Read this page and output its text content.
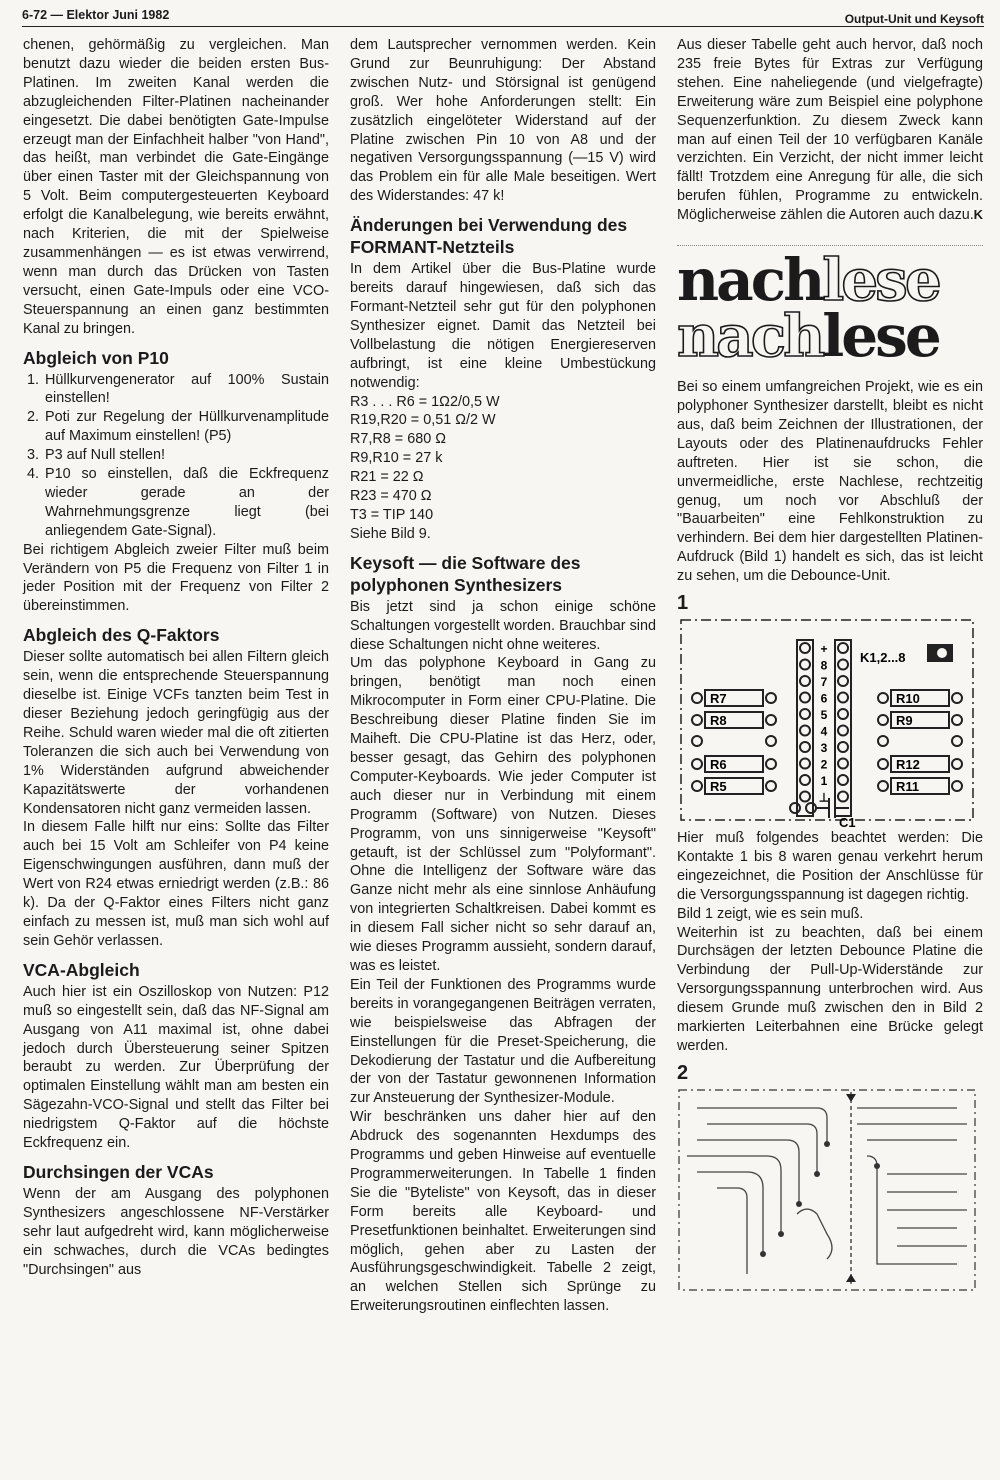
6-72 — Elektor Juni 1982	Output-Unit und Keysoft

chenen, gehörmäßig zu vergleichen. Man benutzt dazu wieder die beiden ersten Bus-Platinen. Im zweiten Kanal werden die abzugleichenden Filter-Platinen nacheinander eingesetzt. Die dabei benötigten Gate-Impulse erzeugt man der Einfachheit halber "von Hand", das heißt, man verbindet die Gate-Eingänge über einen Taster mit der Gleichspannung von 5 Volt. Beim computergesteuerten Keyboard erfolgt die Kanalbelegung, wie bereits erwähnt, nach Kriterien, die mit der Spielweise zusammenhängen — es ist etwas verwirrend, wenn man durch das Drücken von Tasten versucht, einen Gate-Impuls oder eine VCO-Steuerspannung an einen ganz bestimmten Kanal zu bringen.

Abgleich von P10
1. Hüllkurvengenerator auf 100% Sustain einstellen!
2. Poti zur Regelung der Hüllkurvenamplitude auf Maximum einstellen! (P5)
3. P3 auf Null stellen!
4. P10 so einstellen, daß die Eckfrequenz wieder gerade an der Wahrnehmungsgrenze liegt (bei anliegendem Gate-Signal).

Bei richtigem Abgleich zweier Filter muß beim Verändern von P5 die Frequenz von Filter 1 in jeder Position mit der Frequenz von Filter 2 übereinstimmen.

Abgleich des Q-Faktors

Dieser sollte automatisch bei allen Filtern gleich sein, wenn die entsprechende Steuerspannung dieselbe ist. Einige VCFs tanzten beim Test in dieser Beziehung jedoch geringfügig aus der Reihe. Schuld waren wieder mal die oft zitierten Toleranzen die sich auch bei Verwendung von 1% Widerständen aufgrund abweichender Kapazitätswerte der vorhandenen Kondensatoren nicht ganz vermeiden lassen.

In diesem Falle hilft nur eins: Sollte das Filter auch bei 15 Volt am Schleifer von P4 keine Eigenschwingungen ausführen, dann muß der Wert von R24 etwas erniedrigt werden (z.B.: 86 k). Da der Q-Faktor eines Filters nicht ganz einfach zu messen ist, muß man sich wohl auf sein Gehör verlassen.

VCA-Abgleich

Auch hier ist ein Oszilloskop von Nutzen: P12 muß so eingestellt sein, daß das NF-Signal am Ausgang von A11 maximal ist, ohne dabei jedoch durch Übersteuerung seiner Spitzen beraubt zu werden. Zur Überprüfung der optimalen Einstellung wählt man am besten ein Sägezahn-VCO-Signal und stellt das Filter bei niedrigstem Q-Faktor auf die höchste Eckfrequenz ein.

Durchsingen der VCAs

Wenn der am Ausgang des polyphonen Synthesizers angeschlossene NF-Verstärker sehr laut aufgedreht wird, kann möglicherweise ein schwaches, durch die VCAs bedingtes "Durchsingen" aus

dem Lautsprecher vernommen werden. Kein Grund zur Beunruhigung: Der Abstand zwischen Nutz- und Störsignal ist genügend groß. Wer hohe Anforderungen stellt: Ein zusätzlich eingelöteter Widerstand auf der Platine zwischen Pin 10 von A8 und der negativen Versorgungsspannung (—15 V) wird das Problem ein für alle Male beseitigen. Wert des Widerstandes: 47 k!

Änderungen bei Verwendung des FORMANT-Netzteils

In dem Artikel über die Bus-Platine wurde bereits darauf hingewiesen, daß sich das Formant-Netzteil sehr gut für den polyphonen Synthesizer eignet. Damit das Netzteil bei Vollbelastung die nötigen Energiereserven aufbringt, ist eine kleine Umbestückung notwendig:

R3 . . . R6 = 1Ω2/0,5 W
R19,R20 = 0,51 Ω/2 W
R7,R8 = 680 Ω
R9,R10 = 27 k
R21 = 22 Ω
R23 = 470 Ω
T3 = TIP 140
Siehe Bild 9.
Keysoft — die Software des polyphonen Synthesizers

Bis jetzt sind ja schon einige schöne Schaltungen vorgestellt worden. Brauchbar sind diese Schaltungen nicht ohne weiteres.

Um das polyphone Keyboard in Gang zu bringen, benötigt man noch einen Mikrocomputer in Form einer CPU-Platine. Die Beschreibung dieser Platine finden Sie im Maiheft. Die CPU-Platine ist das Herz, oder, besser gesagt, das Gehirn des polyphonen Computer-Keyboards. Wie jeder Computer ist auch dieser nur in Verbindung mit einem Programm (Software) von Nutzen. Dieses Programm, von uns sinnigerweise "Keysoft" getauft, ist der Schlüssel zum "Polyformant". Ohne die Intelligenz der Software wäre das Ganze nicht mehr als eine sinnlose Anhäufung von integrierten Schaltkreisen. Dabei kommt es in diesem Fall sicher nicht so sehr darauf an, wie dieses Programm aussieht, sondern darauf, was es leistet.

Ein Teil der Funktionen des Programms wurde bereits in vorangegangenen Beiträgen verraten, wie beispielsweise das Abfragen der Einstellungen für die Preset-Speicherung, die Dekodierung der Tastatur und die Aufbereitung der von der Tastatur gewonnenen Information zur Ansteuerung der Synthesizer-Module.

Wir beschränken uns daher hier auf den Abdruck des sogenannten Hexdumps des Programms und geben Hinweise auf eventuelle Programmerweiterungen. In Tabelle 1 finden Sie die "Byteliste" von Keysoft, das in dieser Form bereits alle Keyboard- und Presetfunktionen beinhaltet. Erweiterungen sind möglich, gehen aber zu Lasten der Ausführungsgeschwindigkeit. Tabelle 2 zeigt, an welchen Stellen sich Sprünge zu Erweiterungsroutinen einflechten lassen.

Aus dieser Tabelle geht auch hervor, daß noch 235 freie Bytes für Extras zur Verfügung stehen. Eine naheliegende (und vielgefragte) Erweiterung wäre zum Beispiel eine polyphone Sequenzerfunktion. Zu diesem Zweck kann man auf einen Teil der 10 verfügbaren Kanäle verzichten. Ein Verzicht, der nicht immer leicht fällt! Trotzdem eine Anregung für alle, die sich berufen fühlen, Programme zu entwickeln. Möglicherweise zählen die Autoren auch dazu. K
nachlese
nachlese

Bei so einem umfangreichen Projekt, wie es ein polyphoner Synthesizer darstellt, bleibt es nicht aus, daß beim Zeichnen der Illustrationen, der Layouts oder des Platinenaufdrucks Fehler auftreten. Hier ist sie schon, die unvermeidliche, erste Nachlese, rechtzeitig genug, um noch vor Abschluß der "Bauarbeiten" eine Fehlkonstruktion zu verhindern. Bei dem hier dargestellten Platinen-Aufdruck (Bild 1) handelt es sich, das ist leicht zu sehen, um die Debounce-Unit.

1
+
8
7
6
5
4
3
2
1
⊥
K1,2...8
R7
R8
R6
R5
R10
R9
R12
R11
C1

Hier muß folgendes beachtet werden: Die Kontakte 1 bis 8 waren genau verkehrt herum eingezeichnet, die Position der Anschlüsse für die Versorgungsspannung ist dagegen richtig.

Bild 1 zeigt, wie es sein muß.

Weiterhin ist zu beachten, daß bei einem Durchsägen der letzten Debounce Platine die Verbindung der Pull-Up-Widerstände zur Versorgungsspannung unterbrochen wird. Aus diesem Grunde muß zwischen den in Bild 2 markierten Leiterbahnen eine Brücke gelegt werden.

2
